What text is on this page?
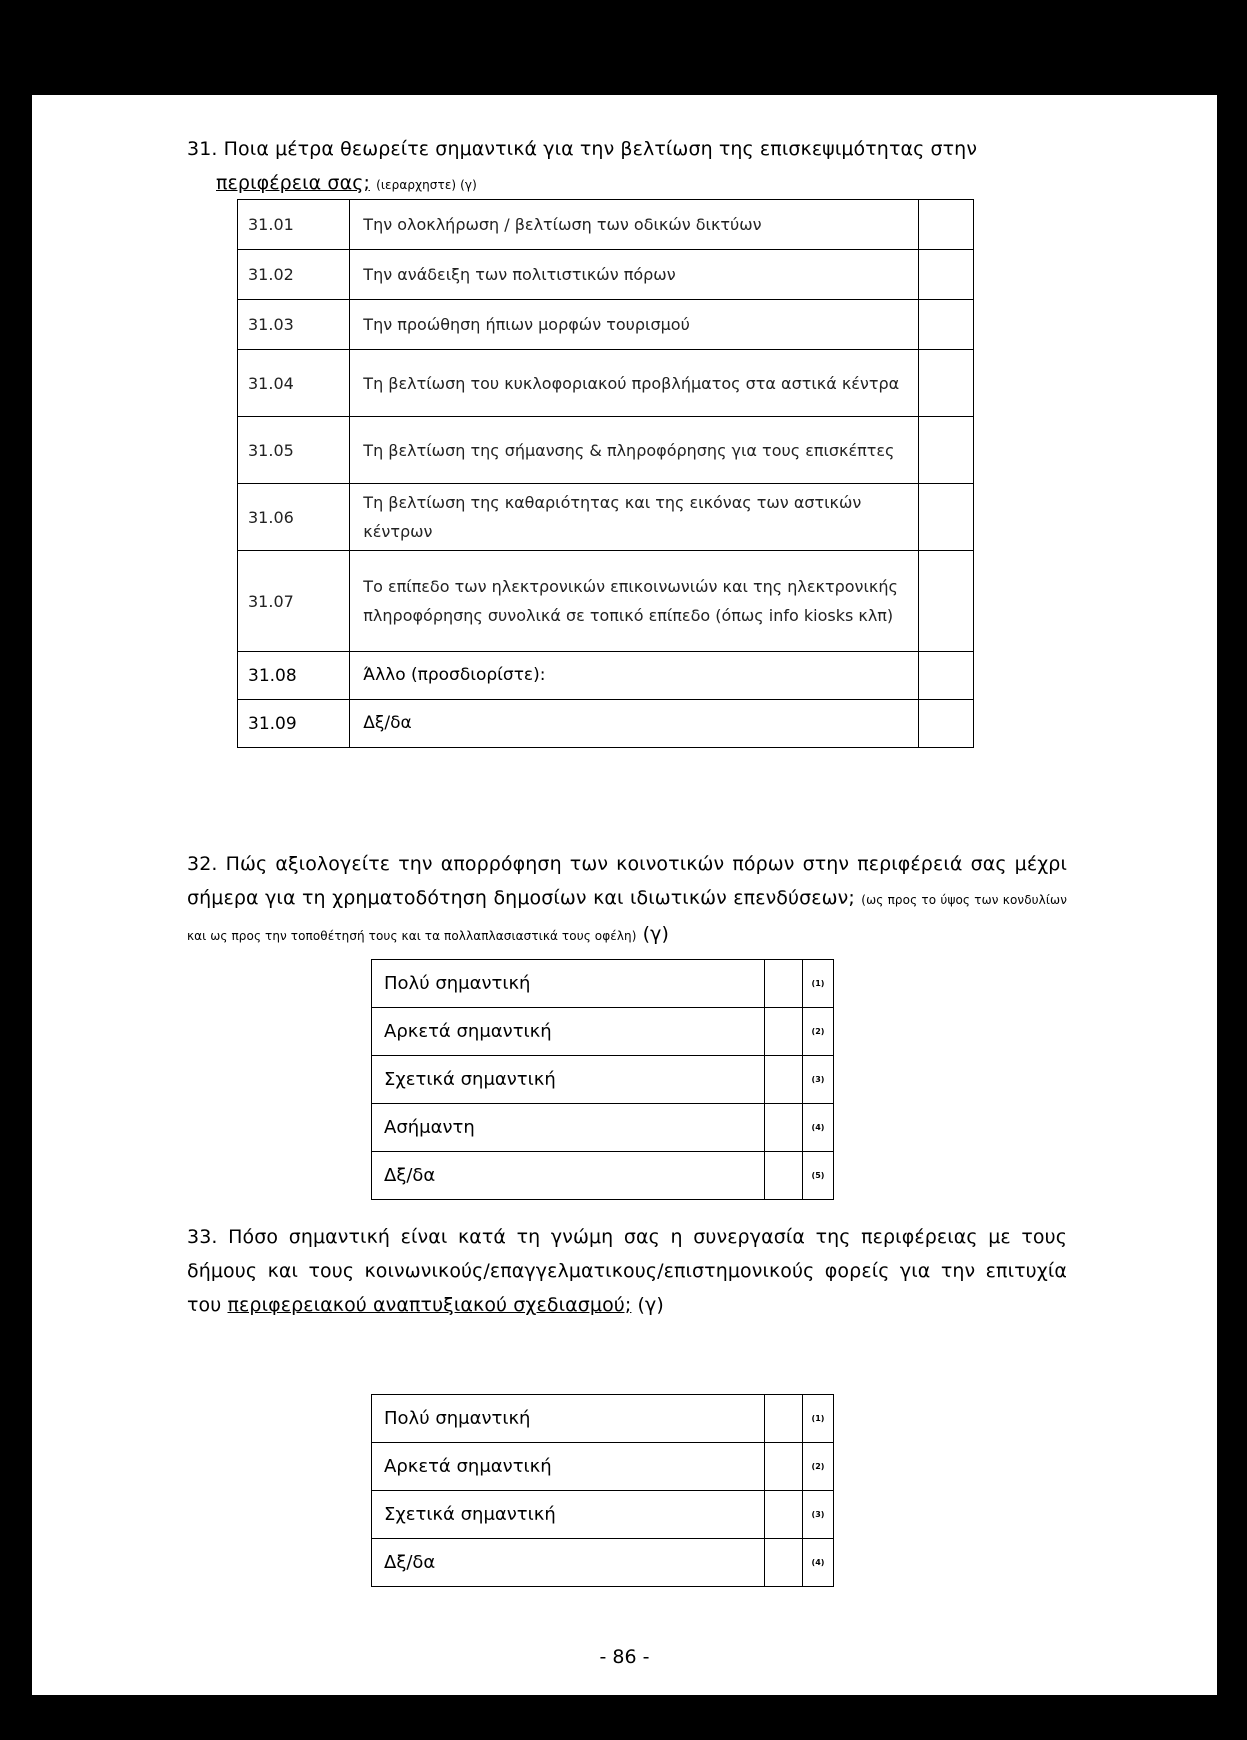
31. Ποια μέτρα θεωρείτε σημαντικά για την βελτίωση της επισκεψιμότητας στην
περιφέρεια σας; (ιεραρχηστε) (γ)
31.01	Την ολοκλήρωση / βελτίωση των οδικών δικτύων	
31.02	Την ανάδειξη των πολιτιστικών πόρων	
31.03	Την προώθηση ήπιων μορφών τουρισμού	
31.04	Τη βελτίωση του κυκλοφοριακού προβλήματος στα αστικά κέντρα	
31.05	Τη βελτίωση της σήμανσης & πληροφόρησης για τους επισκέπτες	
31.06	Τη βελτίωση της καθαριότητας και της εικόνας των αστικών κέντρων	
31.07	Το επίπεδο των ηλεκτρονικών επικοινωνιών και της ηλεκτρονικής πληροφόρησης συνολικά σε τοπικό επίπεδο (όπως info kiosks κλπ)	
31.08	Άλλο (προσδιορίστε):	
31.09	Δξ/δα	
32. Πώς αξιολογείτε την απορρόφηση των κοινοτικών πόρων στην περιφέρειά σας μέχρι σήμερα για τη χρηματοδότηση δημοσίων και ιδιωτικών επενδύσεων; (ως προς το ύψος των κονδυλίων και ως προς την τοποθέτησή τους και τα πολλαπλασιαστικά τους οφέλη) (γ)
Πολύ σημαντική		(1)
Αρκετά σημαντική		(2)
Σχετικά σημαντική		(3)
Ασήμαντη		(4)
Δξ/δα		(5)
33. Πόσο σημαντική είναι κατά τη γνώμη σας η συνεργασία της περιφέρειας με τους δήμους και τους κοινωνικούς/επαγγελματικους/επιστημονικούς φορείς για την επιτυχία του περιφερειακού αναπτυξιακού σχεδιασμού; (γ)
Πολύ σημαντική		(1)
Αρκετά σημαντική		(2)
Σχετικά σημαντική		(3)
Δξ/δα		(4)
- 86 -
